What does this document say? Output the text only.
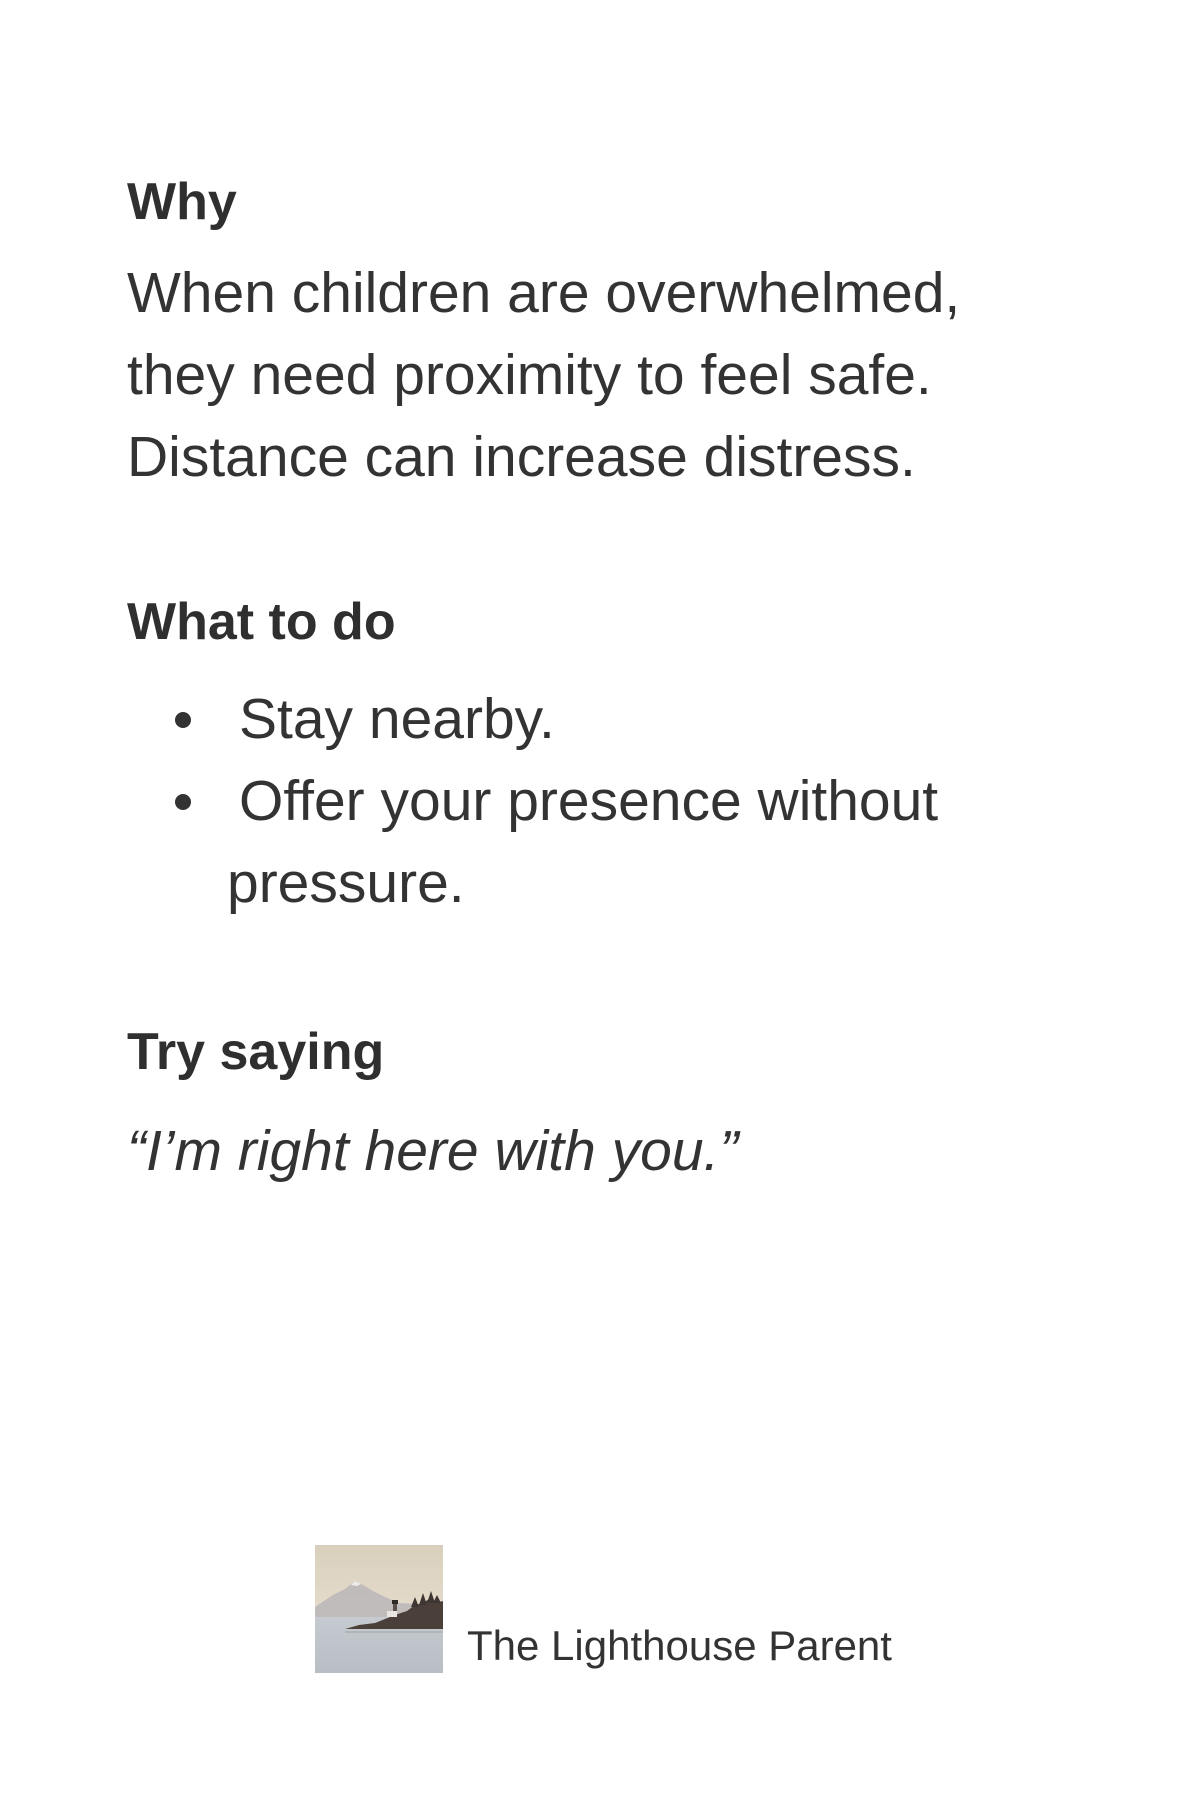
Why

When children are overwhelmed,
they need proximity to feel safe.
Distance can increase distress.

What to do
Stay nearby.
Offer your presence without pressure.
Try saying

“I’m right here with you.”

The Lighthouse Parent
